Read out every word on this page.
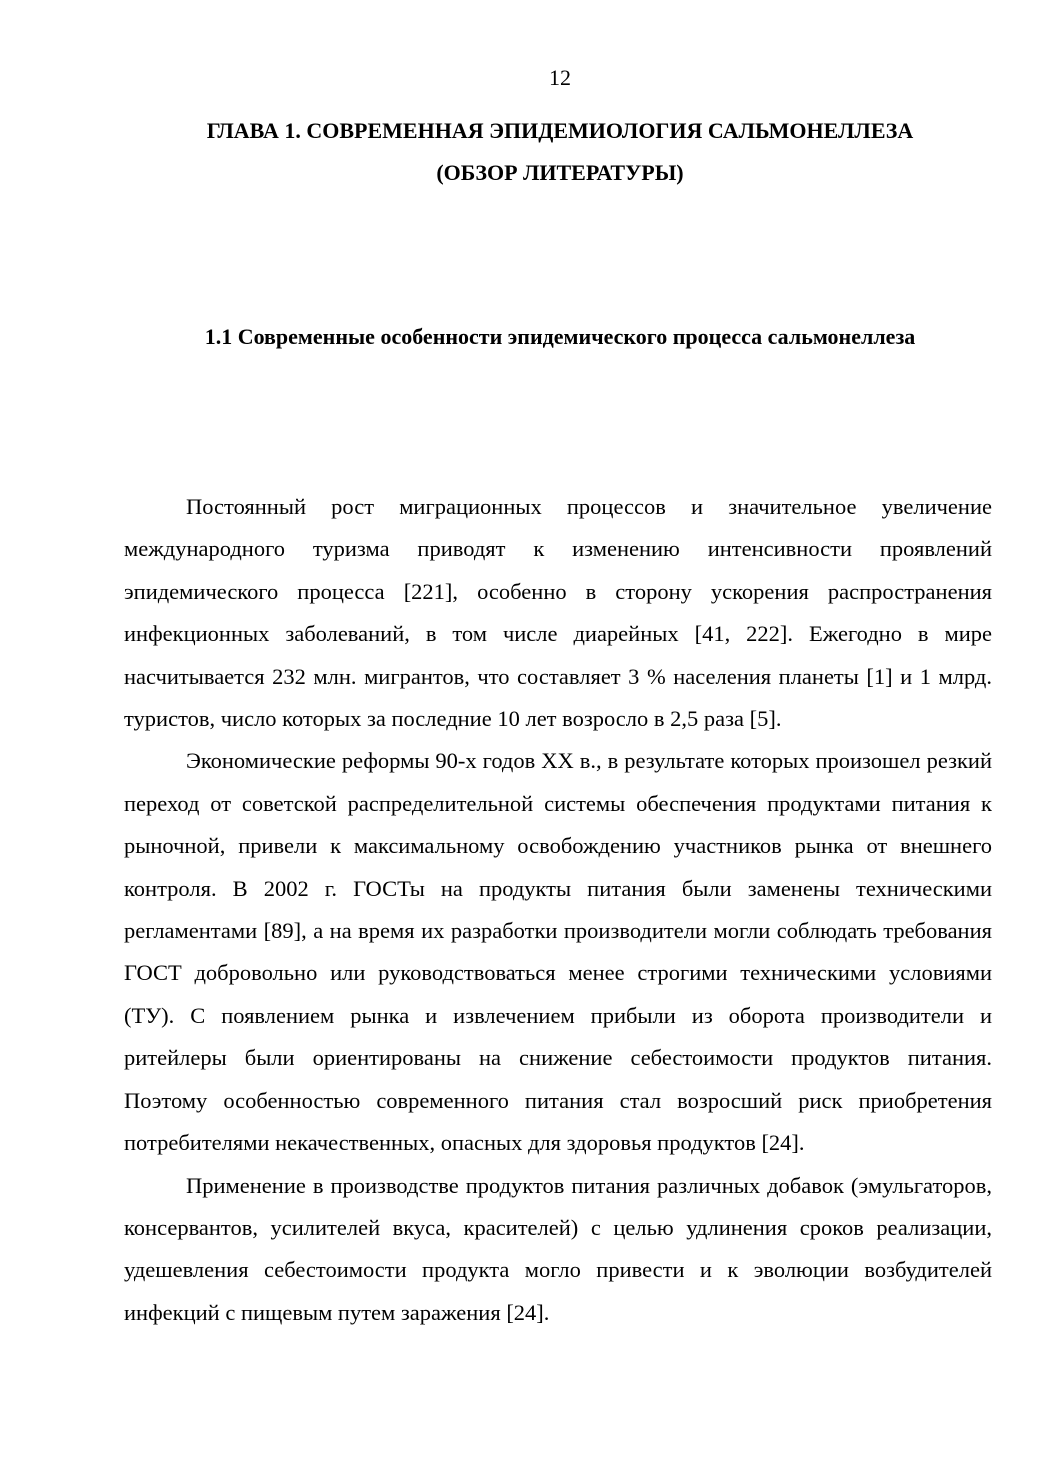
12
ГЛАВА 1. СОВРЕМЕННАЯ ЭПИДЕМИОЛОГИЯ САЛЬМОНЕЛЛЕЗА
(ОБЗОР ЛИТЕРАТУРЫ)
1.1 Современные особенности эпидемического процесса сальмонеллеза

Постоянный рост миграционных процессов и значительное увеличение международного туризма приводят к изменению интенсивности проявлений эпидемического процесса [221], особенно в сторону ускорения распространения инфекционных заболеваний, в том числе диарейных [41, 222]. Ежегодно в мире насчитывается 232 млн. мигрантов, что составляет 3 % населения планеты [1] и 1 млрд. туристов, число которых за последние 10 лет возросло в 2,5 раза [5].

Экономические реформы 90-х годов XX в., в результате которых произошел резкий переход от советской распределительной системы обеспечения продуктами питания к рыночной, привели к максимальному освобождению участников рынка от внешнего контроля. В 2002 г. ГОСТы на продукты питания были заменены техническими регламентами [89], а на время их разработки производители могли соблюдать требования ГОСТ добровольно или руководствоваться менее строгими техническими условиями (ТУ). С появлением рынка и извлечением прибыли из оборота производители и ритейлеры были ориентированы на снижение себестоимости продуктов питания. Поэтому особенностью современного питания стал возросший риск приобретения потребителями некачественных, опасных для здоровья продуктов [24].

Применение в производстве продуктов питания различных добавок (эмульгаторов, консервантов, усилителей вкуса, красителей) с целью удлинения сроков реализации, удешевления себестоимости продукта могло привести и к эволюции возбудителей инфекций с пищевым путем заражения [24].
